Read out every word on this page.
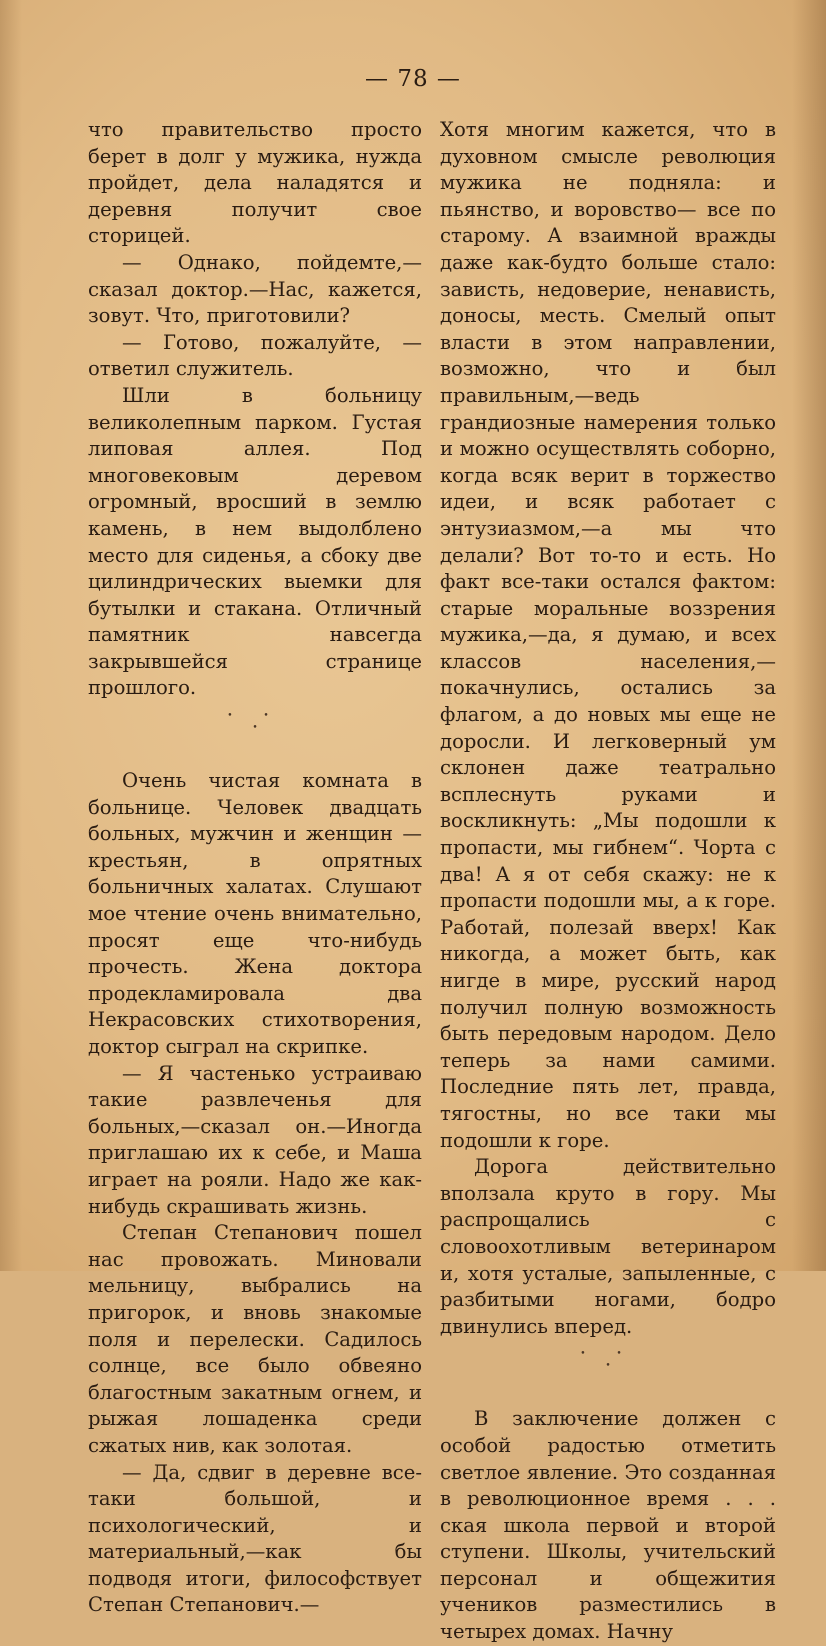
— 78 —

что правительство просто берет в долг у мужика, нужда пройдет, дела наладятся и деревня получит свое сторицей.

— Однако, пойдемте,—сказал доктор.—Нас, кажется, зовут. Что, приготовили?

— Готово, пожалуйте, — ответил служитель.

Шли в больницу великолепным парком. Густая липовая аллея. Под многовековым деревом огромный, вросший в землю камень, в нем выдолблено место для сиденья, а сбоку две цилиндрических выемки для бутылки и стакана. Отличный памятник навсегда закрывшейся странице прошлого.

• •
•

Очень чистая комната в больнице. Человек двадцать больных, мужчин и женщин — крестьян, в опрятных больничных халатах. Слушают мое чтение очень внимательно, просят еще что-нибудь прочесть. Жена доктора продекламировала два Некрасовских стихотворения, доктор сыграл на скрипке.

— Я частенько устраиваю такие развлеченья для больных,—сказал он.—Иногда приглашаю их к себе, и Маша играет на рояли. Надо же как-нибудь скрашивать жизнь.

Степан Степанович пошел нас провожать. Миновали мельницу, выбрались на пригорок, и вновь знакомые поля и перелески. Садилось солнце, все было обвеяно благостным закатным огнем, и рыжая лошаденка среди сжатых нив, как золотая.

— Да, сдвиг в деревне все-таки большой, и психологический, и материальный,—как бы подводя итоги, философствует Степан Степанович.—

Хотя многим кажется, что в духовном смысле революция мужика не подняла: и пьянство, и воровство— все по старому. А взаимной вражды даже как-будто больше стало: зависть, недоверие, ненависть, доносы, месть. Смелый опыт власти в этом направлении, возможно, что и был правильным,—ведь грандиозные намерения только и можно осуществлять соборно, когда всяк верит в торжество идеи, и всяк работает с энтузиазмом,—а мы что делали? Вот то-то и есть. Но факт все-таки остался фактом: старые моральные воззрения мужика,—да, я думаю, и всех классов населения,—покачнулись, остались за флагом, а до новых мы еще не доросли. И легковерный ум склонен даже театрально всплеснуть руками и воскликнуть: „Мы подошли к пропасти, мы гибнем“. Чорта с два! А я от себя скажу: не к пропасти подошли мы, а к горе. Работай, полезай вверх! Как никогда, а может быть, как нигде в мире, русский народ получил полную возможность быть передовым народом. Дело теперь за нами самими. Последние пять лет, правда, тягостны, но все таки мы подошли к горе.

Дорога действительно вползала круто в гору. Мы распрощались с словоохотливым ветеринаром и, хотя усталые, запыленные, с разбитыми ногами, бодро двинулись вперед.

• •
•

В заключение должен с особой радостью отметить светлое явление. Это созданная в революционное время . . . ская школа первой и второй ступени. Школы, учительский персонал и общежития учеников разместились в четырех домах. Начну
